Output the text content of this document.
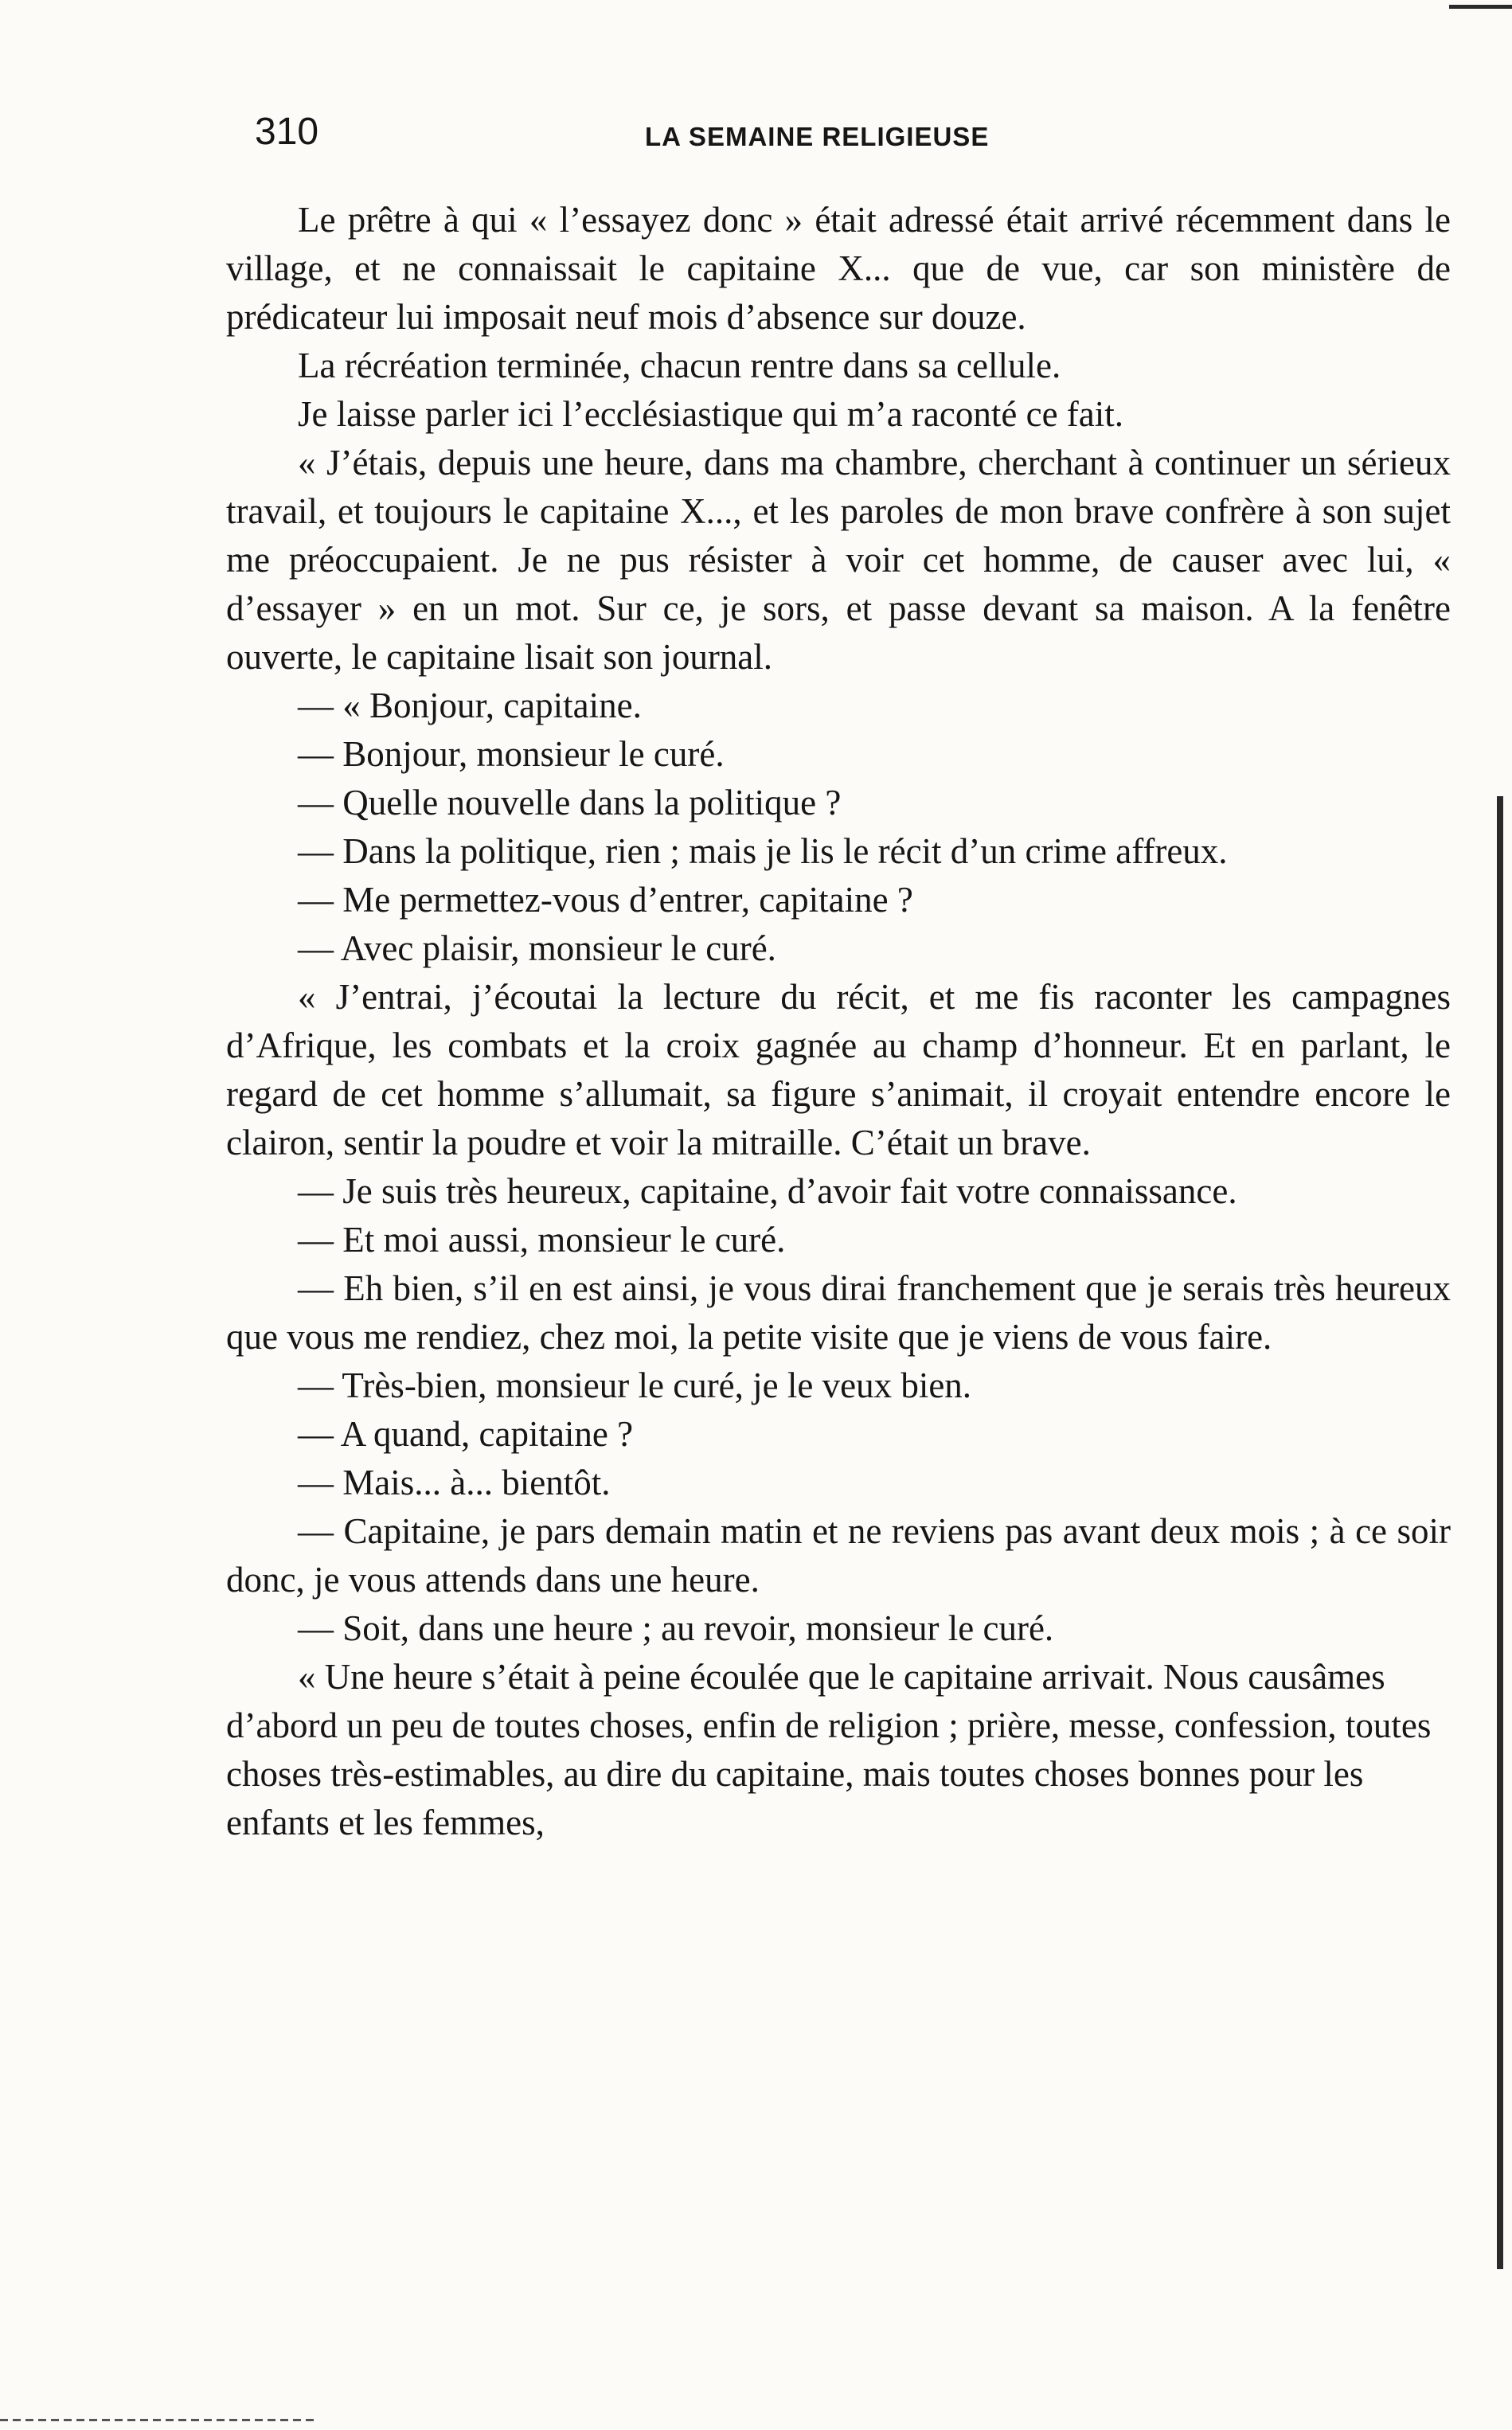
310	LA SEMAINE RELIGIEUSE

Le prêtre à qui « l’essayez donc » était adressé était arrivé récemment dans le village, et ne connaissait le capitaine X... que de vue, car son ministère de prédicateur lui imposait neuf mois d’absence sur douze.

La récréation terminée, chacun rentre dans sa cellule.

Je laisse parler ici l’ecclésiastique qui m’a raconté ce fait.

« J’étais, depuis une heure, dans ma chambre, cherchant à continuer un sérieux travail, et toujours le capitaine X..., et les paroles de mon brave confrère à son sujet me préoccupaient. Je ne pus résister à voir cet homme, de causer avec lui, « d’essayer » en un mot. Sur ce, je sors, et passe devant sa maison. A la fenêtre ouverte, le capitaine lisait son journal.

— « Bonjour, capitaine.

— Bonjour, monsieur le curé.

— Quelle nouvelle dans la politique ?

— Dans la politique, rien ; mais je lis le récit d’un crime affreux.

— Me permettez-vous d’entrer, capitaine ?

— Avec plaisir, monsieur le curé.

« J’entrai, j’écoutai la lecture du récit, et me fis raconter les campagnes d’Afrique, les combats et la croix gagnée au champ d’honneur. Et en parlant, le regard de cet homme s’allumait, sa figure s’animait, il croyait entendre encore le clairon, sentir la poudre et voir la mitraille. C’était un brave.

— Je suis très heureux, capitaine, d’avoir fait votre connaissance.

— Et moi aussi, monsieur le curé.

— Eh bien, s’il en est ainsi, je vous dirai franchement que je serais très heureux que vous me rendiez, chez moi, la petite visite que je viens de vous faire.

— Très-bien, monsieur le curé, je le veux bien.

— A quand, capitaine ?

— Mais... à... bientôt.

— Capitaine, je pars demain matin et ne reviens pas avant deux mois ; à ce soir donc, je vous attends dans une heure.

— Soit, dans une heure ; au revoir, monsieur le curé.

« Une heure s’était à peine écoulée que le capitaine arrivait. Nous causâmes d’abord un peu de toutes choses, enfin de religion ; prière, messe, confession, toutes choses très-estimables, au dire du capitaine, mais toutes choses bonnes pour les enfants et les femmes,
